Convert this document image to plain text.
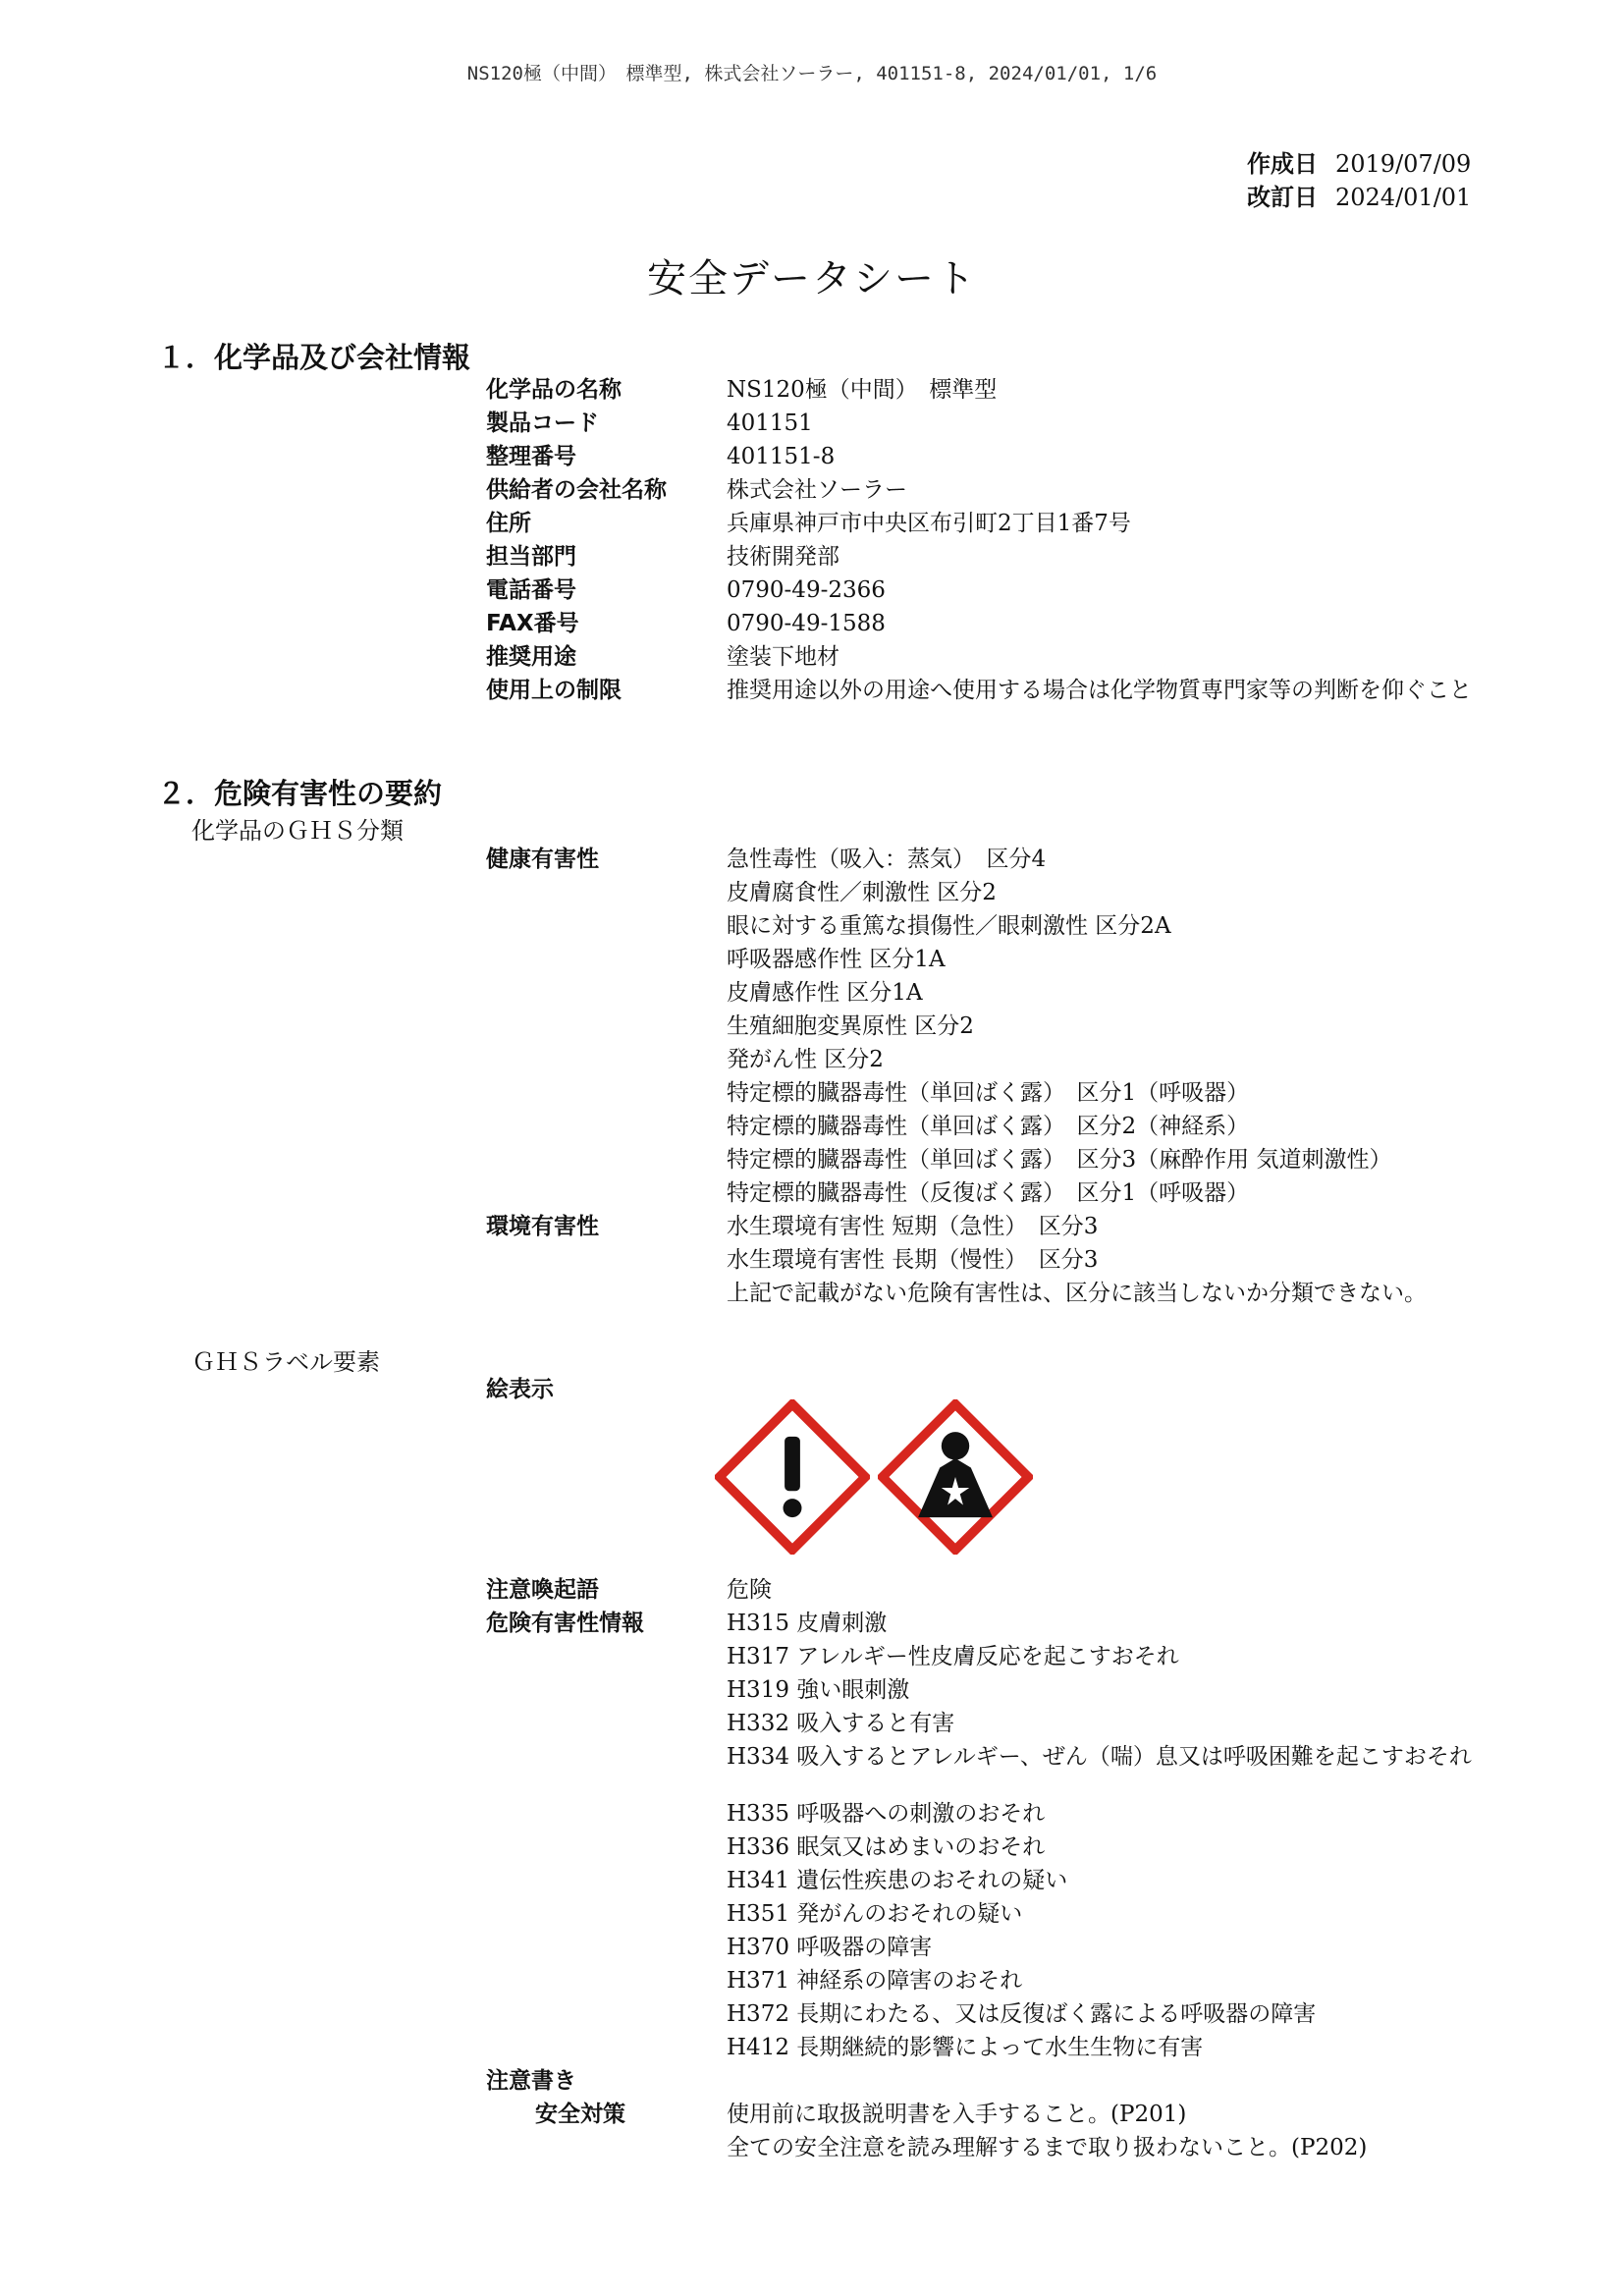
NS120極（中間）　標準型, 株式会社ソーラー, 401151-8, 2024/01/01, 1/6
作成日 2019/07/09
改訂日 2024/01/01
安全データシート
１．化学品及び会社情報
化学品の名称	NS120極（中間）　標準型
製品コード	401151
整理番号	401151-8
供給者の会社名称	株式会社ソーラー
住所	兵庫県神戸市中央区布引町2丁目1番7号
担当部門	技術開発部
電話番号	0790-49-2366
FAX番号	0790-49-1588
推奨用途	塗装下地材
使用上の制限	推奨用途以外の用途へ使用する場合は化学物質専門家等の判断を仰ぐこと
２．危険有害性の要約
化学品のＧＨＳ分類
健康有害性	急性毒性（吸入：蒸気）　区分4
皮膚腐食性／刺激性 区分2
眼に対する重篤な損傷性／眼刺激性 区分2A
呼吸器感作性 区分1A
皮膚感作性 区分1A
生殖細胞変異原性 区分2
発がん性 区分2
特定標的臓器毒性（単回ばく露）　区分1（呼吸器）
特定標的臓器毒性（単回ばく露）　区分2（神経系）
特定標的臓器毒性（単回ばく露）　区分3（麻酔作用 気道刺激性）
特定標的臓器毒性（反復ばく露）　区分1（呼吸器）
環境有害性	水生環境有害性 短期（急性）　区分3
水生環境有害性 長期（慢性）　区分3
上記で記載がない危険有害性は、区分に該当しないか分類できない。
ＧＨＳラベル要素
絵表示
注意喚起語	危険
危険有害性情報	H315 皮膚刺激
H317 アレルギー性皮膚反応を起こすおそれ
H319 強い眼刺激
H332 吸入すると有害
H334 吸入するとアレルギー、ぜん（喘）息又は呼吸困難を起こすおそれ
H335 呼吸器への刺激のおそれ
H336 眠気又はめまいのおそれ
H341 遺伝性疾患のおそれの疑い
H351 発がんのおそれの疑い
H370 呼吸器の障害
H371 神経系の障害のおそれ
H372 長期にわたる、又は反復ばく露による呼吸器の障害
H412 長期継続的影響によって水生生物に有害
注意書き
安全対策	使用前に取扱説明書を入手すること。(P201)
全ての安全注意を読み理解するまで取り扱わないこと。(P202)
